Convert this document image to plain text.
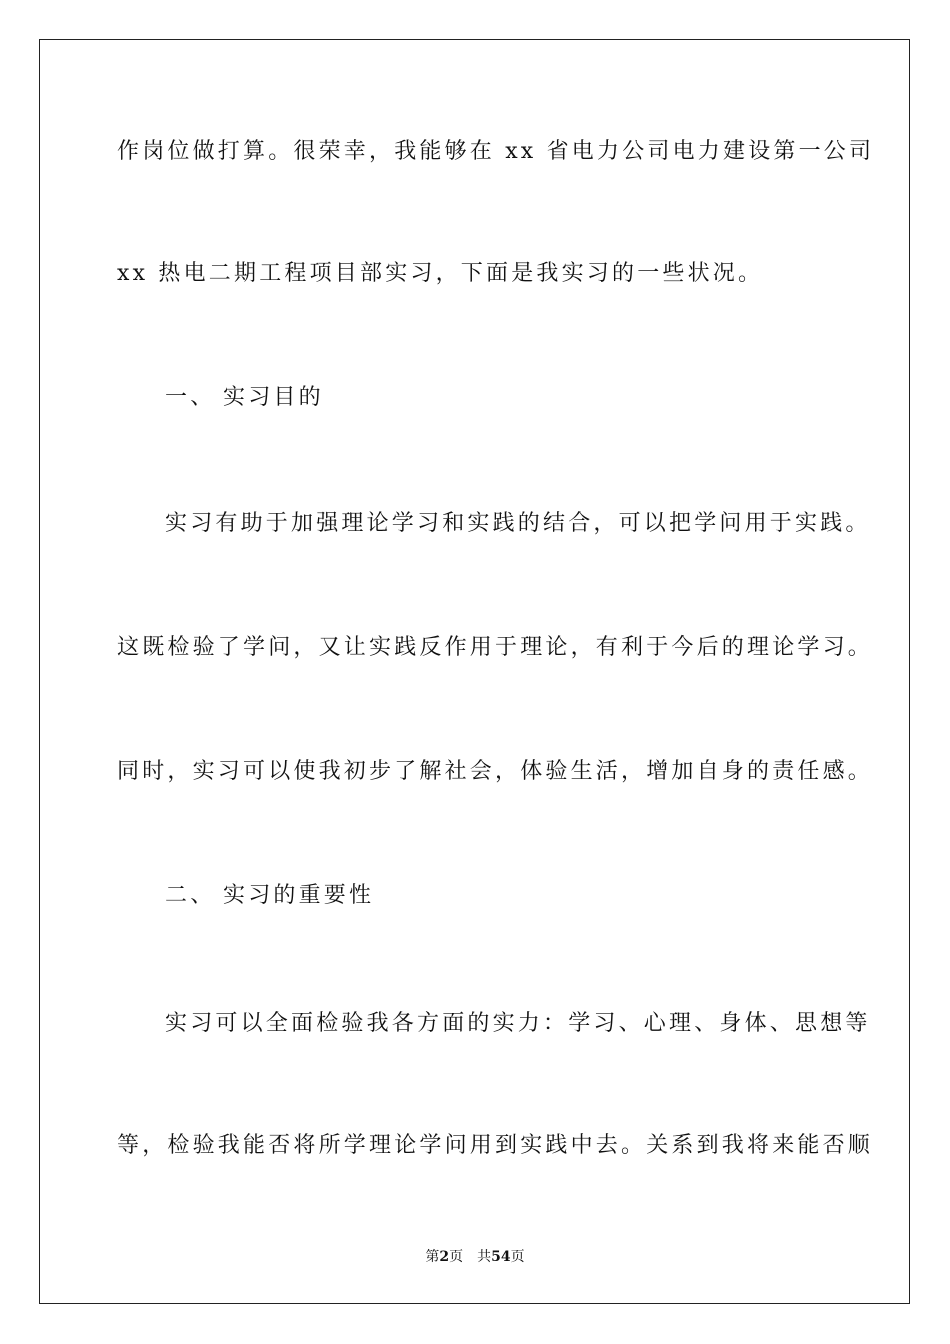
作岗位做打算。很荣幸，我能够在 xx 省电力公司电力建设第一公司
xx 热电二期工程项目部实习，下面是我实习的一些状况。
一、 实习目的
实习有助于加强理论学习和实践的结合，可以把学问用于实践。
这既检验了学问，又让实践反作用于理论，有利于今后的理论学习。
同时，实习可以使我初步了解社会，体验生活，增加自身的责任感。
二、 实习的重要性
实习可以全面检验我各方面的实力：学习、心理、身体、思想等
等，检验我能否将所学理论学问用到实践中去。关系到我将来能否顺
第2页 共54页
